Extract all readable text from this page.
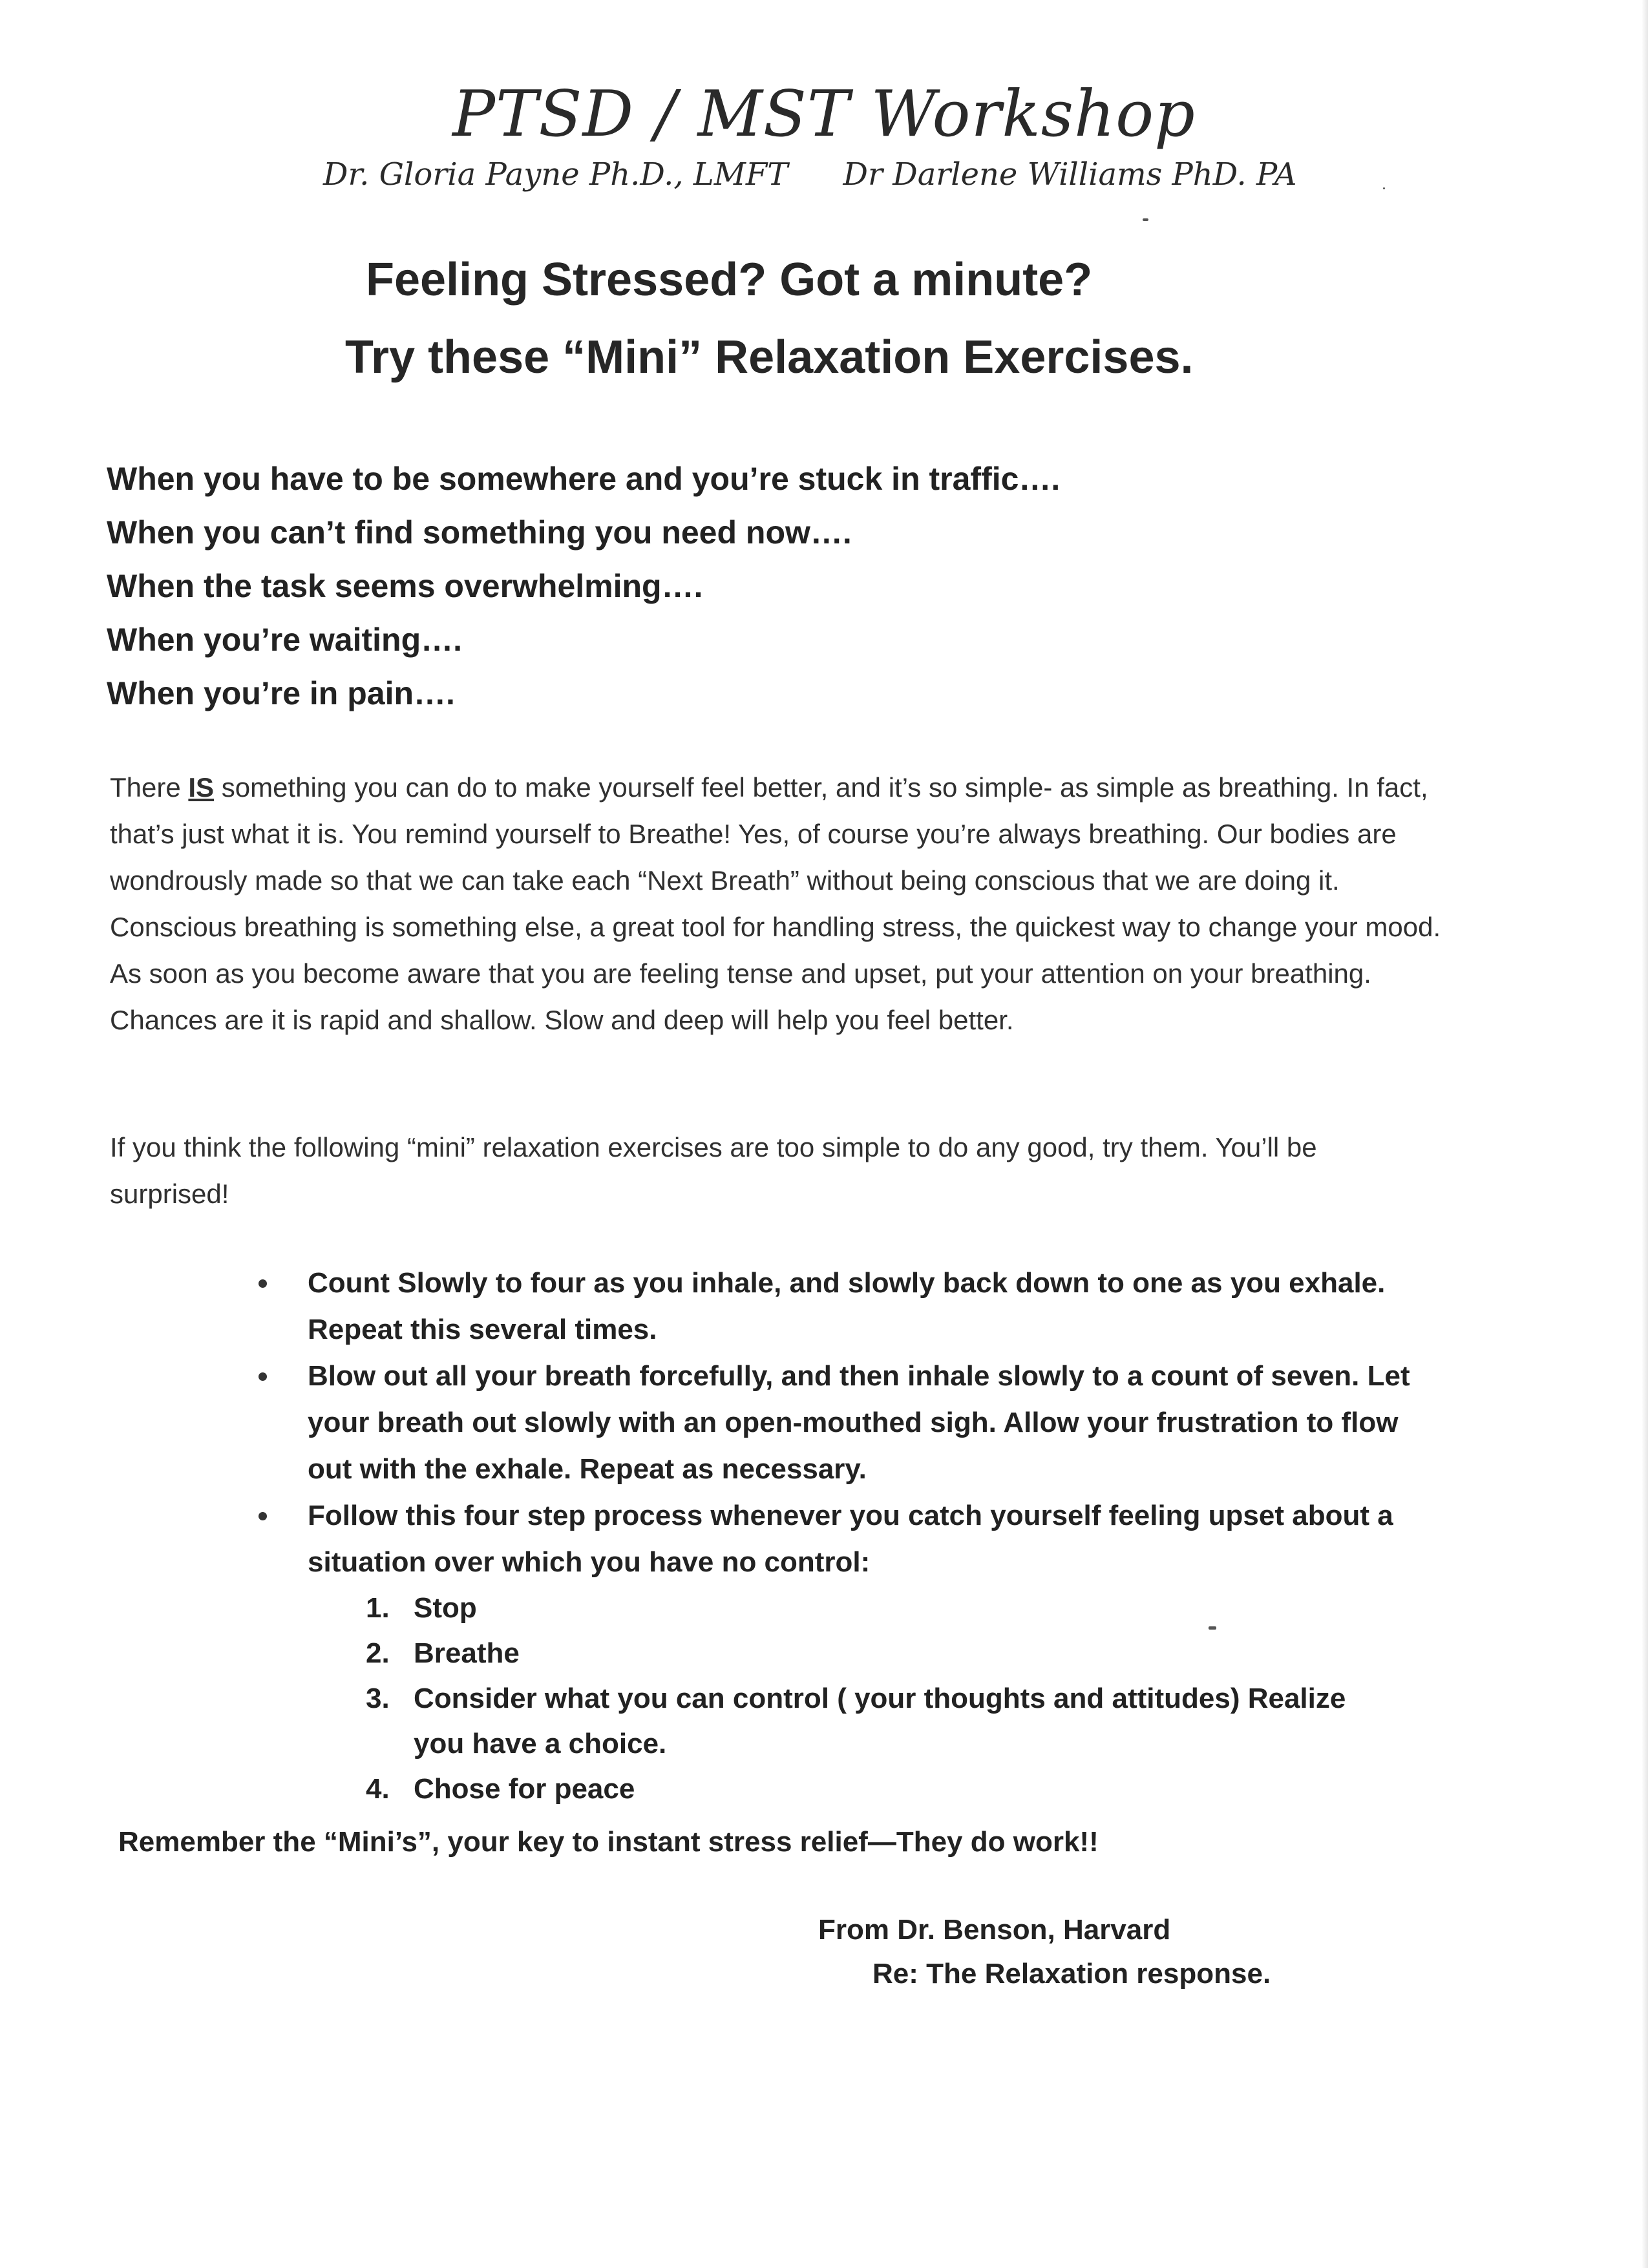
PTSD / MST Workshop
Dr. Gloria Payne Ph.D., LMFT Dr Darlene Williams PhD. PA
Feeling Stressed? Got a minute?
Try these “Mini” Relaxation Exercises.
When you have to be somewhere and you’re stuck in traffic….
When you can’t find something you need now….
When the task seems overwhelming….
When you’re waiting….
When you’re in pain….

There IS something you can do to make yourself feel better, and it’s so simple- as simple as breathing. In fact, that’s just what it is. You remind yourself to Breathe! Yes, of course you’re always breathing. Our bodies are wondrously made so that we can take each “Next Breath” without being conscious that we are doing it. Conscious breathing is something else, a great tool for handling stress, the quickest way to change your mood. As soon as you become aware that you are feeling tense and upset, put your attention on your breathing. Chances are it is rapid and shallow. Slow and deep will help you feel better.

If you think the following “mini” relaxation exercises are too simple to do any good, try them. You’ll be surprised!

Count Slowly to four as you inhale, and slowly back down to one as you exhale. Repeat this several times.
Blow out all your breath forcefully, and then inhale slowly to a count of seven. Let your breath out slowly with an open-mouthed sigh. Allow your frustration to flow out with the exhale. Repeat as necessary.
Follow this four step process whenever you catch yourself feeling upset about a situation over which you have no control:
1. Stop
2. Breathe
3. Consider what you can control ( your thoughts and attitudes) Realize you have a choice.
4. Chose for peace
Remember the “Mini’s”, your key to instant stress relief—They do work!!
From Dr. Benson, Harvard
Re: The Relaxation response.
